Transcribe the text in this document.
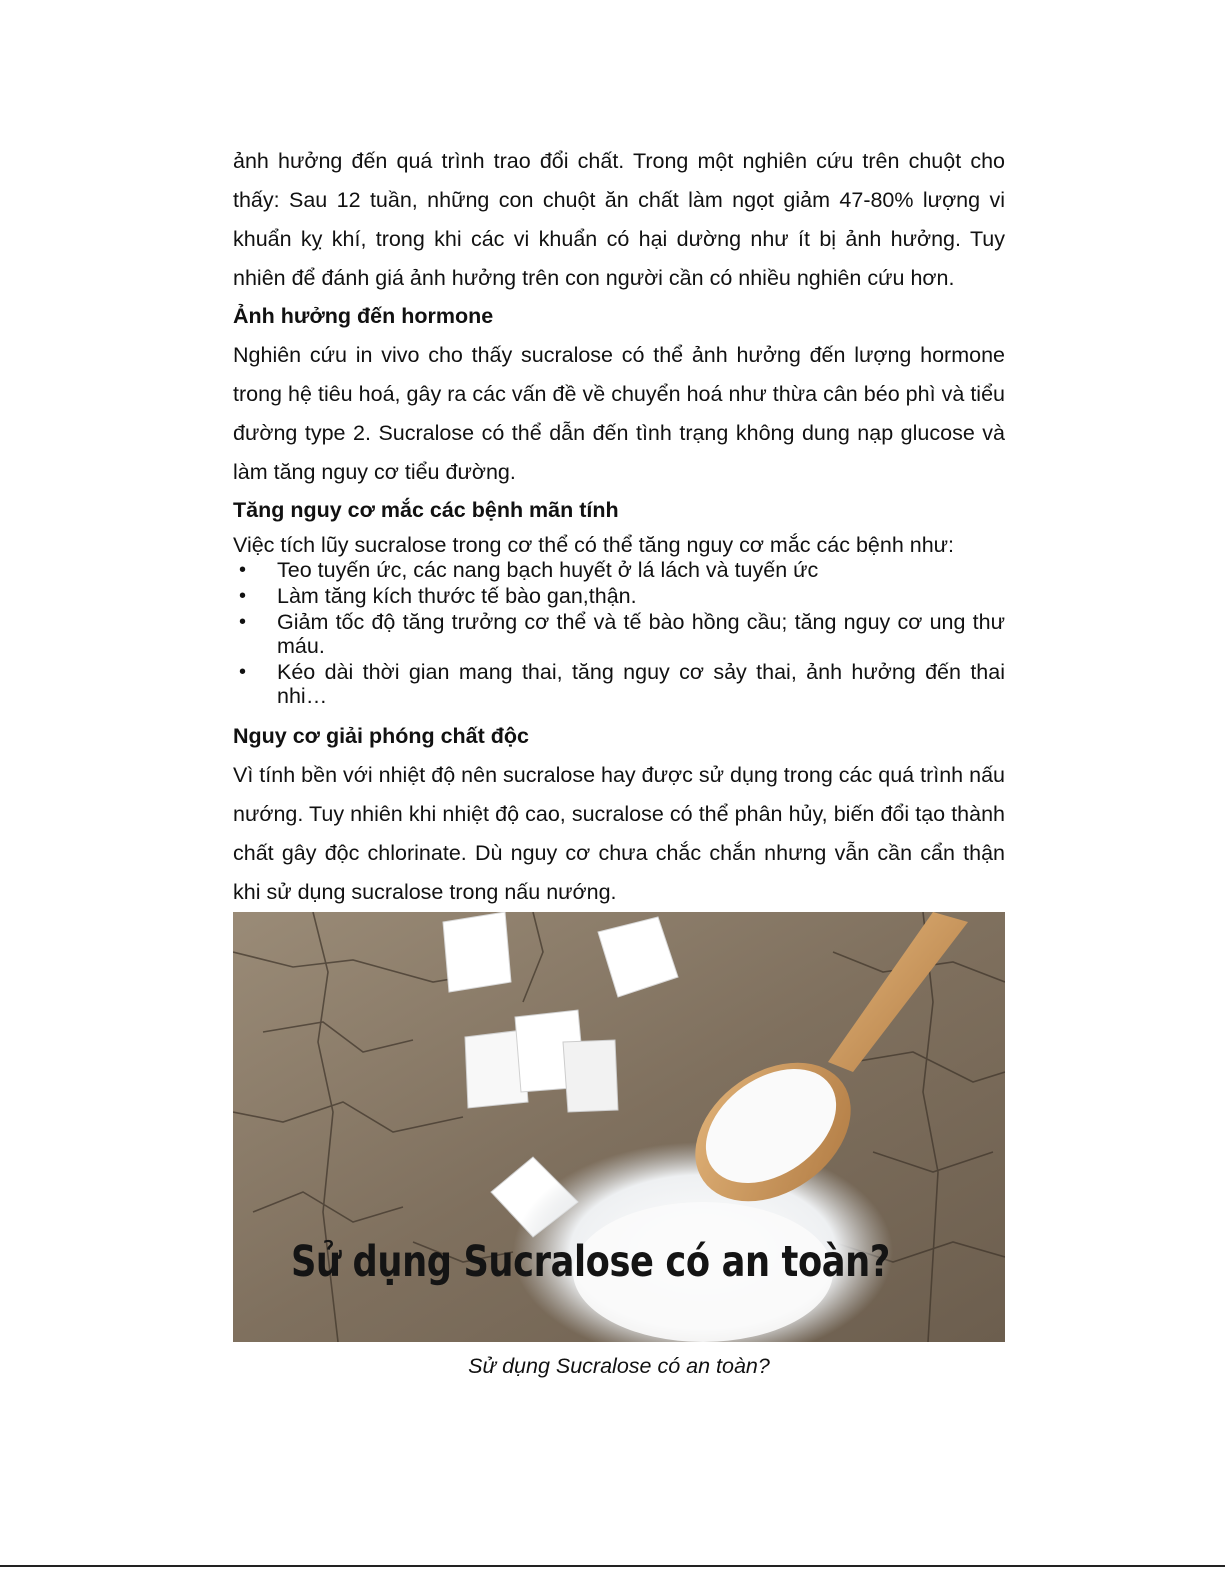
ảnh hưởng đến quá trình trao đổi chất. Trong một nghiên cứu trên chuột cho thấy: Sau 12 tuần, những con chuột ăn chất làm ngọt giảm 47-80% lượng vi khuẩn kỵ khí, trong khi các vi khuẩn có hại dường như ít bị ảnh hưởng. Tuy nhiên để đánh giá ảnh hưởng trên con người cần có nhiều nghiên cứu hơn.

Ảnh hưởng đến hormone

Nghiên cứu in vivo cho thấy sucralose có thể ảnh hưởng đến lượng hormone trong hệ tiêu hoá, gây ra các vấn đề về chuyển hoá như thừa cân béo phì và tiểu đường type 2. Sucralose có thể dẫn đến tình trạng không dung nạp glucose và làm tăng nguy cơ tiểu đường.

Tăng nguy cơ mắc các bệnh mãn tính

Việc tích lũy sucralose trong cơ thể có thể tăng nguy cơ mắc các bệnh như:

• Teo tuyến ức, các nang bạch huyết ở lá lách và tuyến ức
• Làm tăng kích thước tế bào gan,thận.
• Giảm tốc độ tăng trưởng cơ thể và tế bào hồng cầu; tăng nguy cơ ung thư máu.
• Kéo dài thời gian mang thai, tăng nguy cơ sảy thai, ảnh hưởng đến thai nhi…
Nguy cơ giải phóng chất độc

Vì tính bền với nhiệt độ nên sucralose hay được sử dụng trong các quá trình nấu nướng. Tuy nhiên khi nhiệt độ cao, sucralose có thể phân hủy, biến đổi tạo thành chất gây độc chlorinate. Dù nguy cơ chưa chắc chắn nhưng vẫn cần cẩn thận khi sử dụng sucralose trong nấu nướng.

Sử dụng Sucralose có an toàn?
Sử dụng Sucralose có an toàn?
